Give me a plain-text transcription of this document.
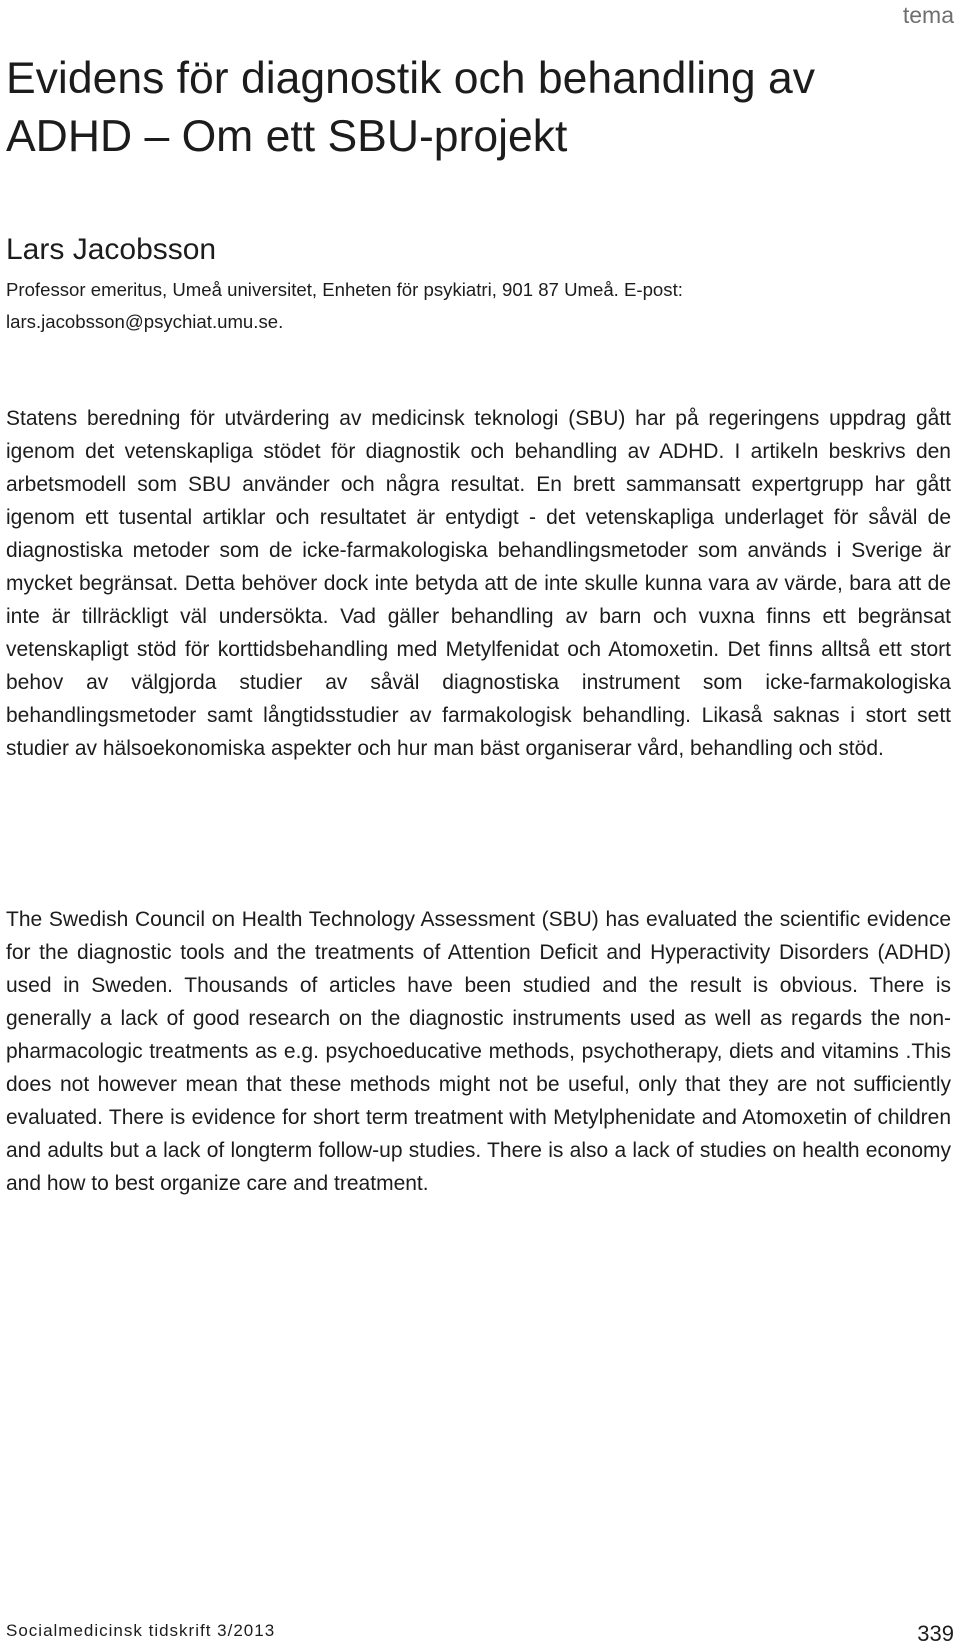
tema
Evidens för diagnostik och behandling av ADHD – Om ett SBU-projekt
Lars Jacobsson
Professor emeritus, Umeå universitet, Enheten för psykiatri, 901 87 Umeå. E-post: lars.jacobsson@psychiat.umu.se.

Statens beredning för utvärdering av medicinsk teknologi (SBU) har på regeringens uppdrag gått igenom det vetenskapliga stödet för diagnostik och behandling av ADHD. I artikeln beskrivs den arbetsmodell som SBU använder och några resultat. En brett sammansatt expertgrupp har gått igenom ett tusental artiklar och resultatet är entydigt - det vetenskapliga underlaget för såväl de diagnostiska metoder som de icke-farmakologiska behandlingsmetoder som används i Sverige är mycket begränsat. Detta behöver dock inte betyda att de inte skulle kunna vara av värde, bara att de inte är tillräckligt väl undersökta. Vad gäller behandling av barn och vuxna finns ett begränsat vetenskapligt stöd för korttidsbehandling med Metylfenidat och Atomoxetin. Det finns alltså ett stort behov av välgjorda studier av såväl diagnostiska instrument som icke-farmakologiska behandlingsmetoder samt långtidsstudier av farmakologisk behandling. Likaså saknas i stort sett studier av hälsoekonomiska aspekter och hur man bäst organiserar vård, behandling och stöd.

The Swedish Council on Health Technology Assessment (SBU) has evaluated the scientific evidence for the diagnostic tools and the treatments of Attention Deficit and Hyperactivity Disorders (ADHD) used in Sweden. Thousands of articles have been studied and the result is obvious. There is generally a lack of good research on the diagnostic instruments used as well as regards the non-pharmacologic treatments as e.g. psychoeducative methods, psychotherapy, diets and vitamins .This does not however mean that these methods might not be useful, only that they are not sufficiently evaluated. There is evidence for short term treatment with Metylphenidate and Atomoxetin of children and adults but a lack of longterm follow-up studies. There is also a lack of studies on health economy and how to best organize care and treatment.

Socialmedicinsk tidskrift 3/2013	339
